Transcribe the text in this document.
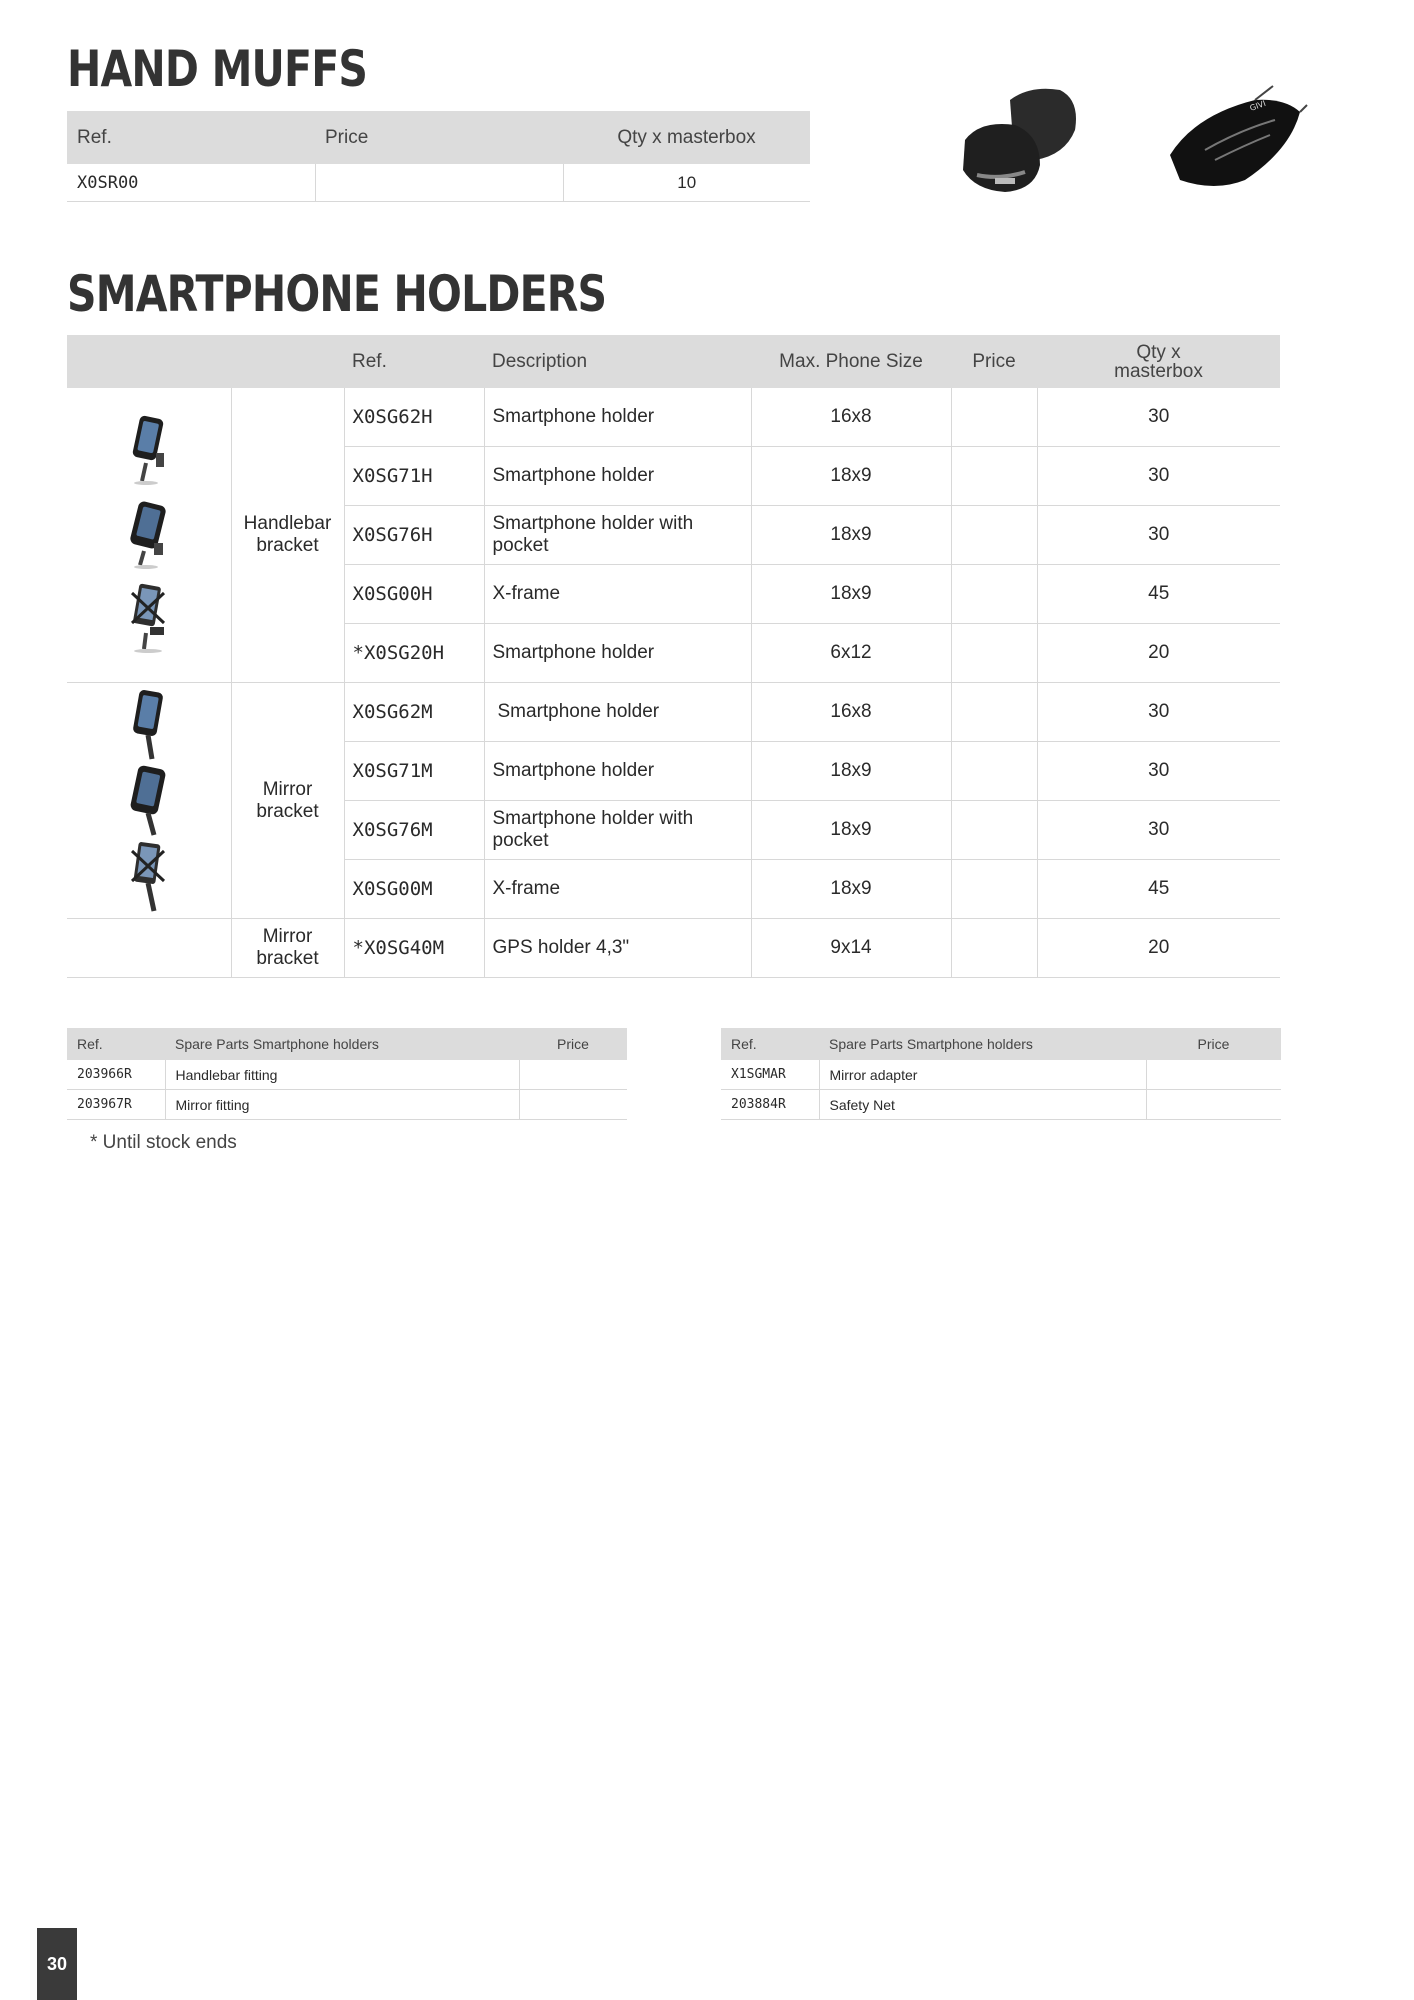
HAND MUFFS
Ref.	Price	Qty x masterbox
X0SR00		10
GIVI
SMARTPHONE HOLDERS
		Ref.	Description	Max. Phone Size	Price	Qty x
masterbox

Handlebar
bracket	X0SG62H	Smartphone holder	16x8		30
		X0SG71H	Smartphone holder	18x9		30
		X0SG76H	Smartphone holder with pocket	18x9		30
		X0SG00H	X-frame	18x9		45
		*X0SG20H	Smartphone holder	6x12		20

Mirror
bracket	X0SG62M	Smartphone holder	16x8		30
		X0SG71M	Smartphone holder	18x9		30
		X0SG76M	Smartphone holder with pocket	18x9		30
		X0SG00M	X-frame	18x9		45

	Mirror
bracket	*X0SG40M	GPS holder 4,3"	9x14		20
Ref.	Spare Parts Smartphone holders	Price
203966R	Handlebar fitting	
203967R	Mirror fitting	
Ref.	Spare Parts Smartphone holders	Price
X1SGMAR	Mirror adapter	
203884R	Safety Net	

* Until stock ends

30
